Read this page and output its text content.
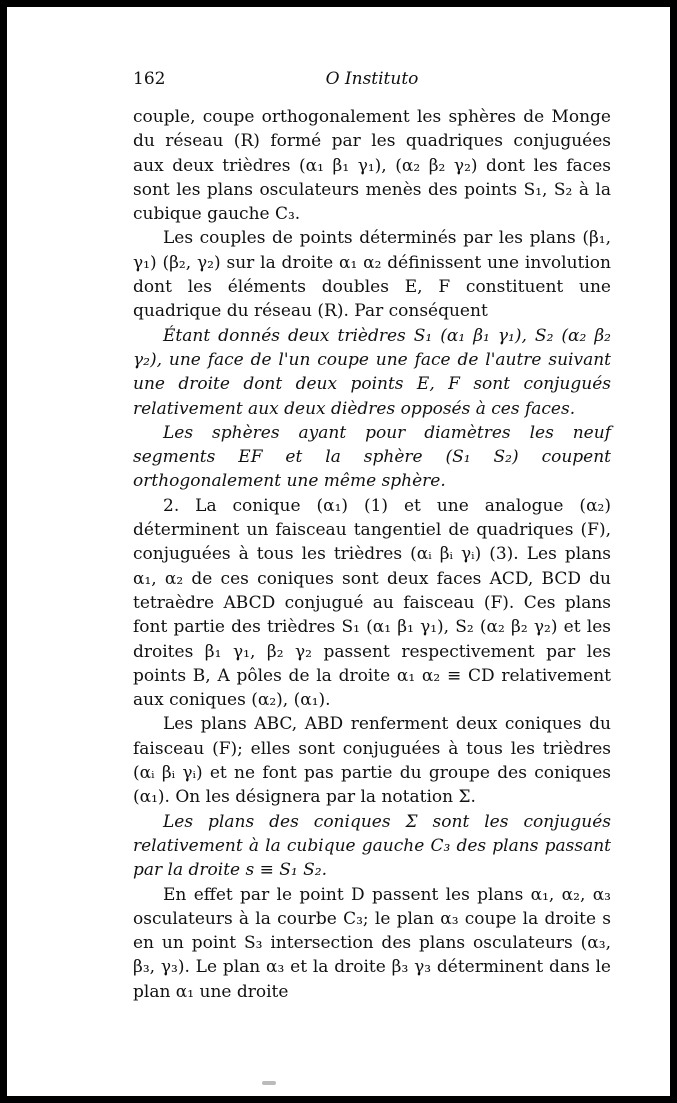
162	O Instituto

couple, coupe orthogonalement les sphères de Monge du réseau (R) formé par les quadriques conjuguées aux deux trièdres (α₁ β₁ γ₁), (α₂ β₂ γ₂) dont les faces sont les plans osculateurs menès des points S₁, S₂ à la cubique gauche C₃.

Les couples de points déterminés par les plans (β₁, γ₁) (β₂, γ₂) sur la droite α₁ α₂ définissent une involution dont les éléments doubles E, F constituent une quadrique du réseau (R). Par conséquent

Étant donnés deux trièdres S₁ (α₁ β₁ γ₁), S₂ (α₂ β₂ γ₂), une face de l'un coupe une face de l'autre suivant une droite dont deux points E, F sont conjugués relativement aux deux dièdres opposés à ces faces.

Les sphères ayant pour diamètres les neuf segments EF et la sphère (S₁ S₂) coupent orthogonalement une même sphère.

2. La conique (α₁) (1) et une analogue (α₂) déterminent un faisceau tangentiel de quadriques (F), conjuguées à tous les trièdres (αᵢ βᵢ γᵢ) (3). Les plans α₁, α₂ de ces coniques sont deux faces ACD, BCD du tetraèdre ABCD conjugué au faisceau (F). Ces plans font partie des trièdres S₁ (α₁ β₁ γ₁), S₂ (α₂ β₂ γ₂) et les droites β₁ γ₁, β₂ γ₂ passent respectivement par les points B, A pôles de la droite α₁ α₂ ≡ CD relativement aux coniques (α₂), (α₁).

Les plans ABC, ABD renferment deux coniques du faisceau (F); elles sont conjuguées à tous les trièdres (αᵢ βᵢ γᵢ) et ne font pas partie du groupe des coniques (α₁). On les désignera par la notation Σ.

Les plans des coniques Σ sont les conjugués relativement à la cubique gauche C₃ des plans passant par la droite s ≡ S₁ S₂.

En effet par le point D passent les plans α₁, α₂, α₃ osculateurs à la courbe C₃; le plan α₃ coupe la droite s en un point S₃ intersection des plans osculateurs (α₃, β₃, γ₃). Le plan α₃ et la droite β₃ γ₃ déterminent dans le plan α₁ une droite
